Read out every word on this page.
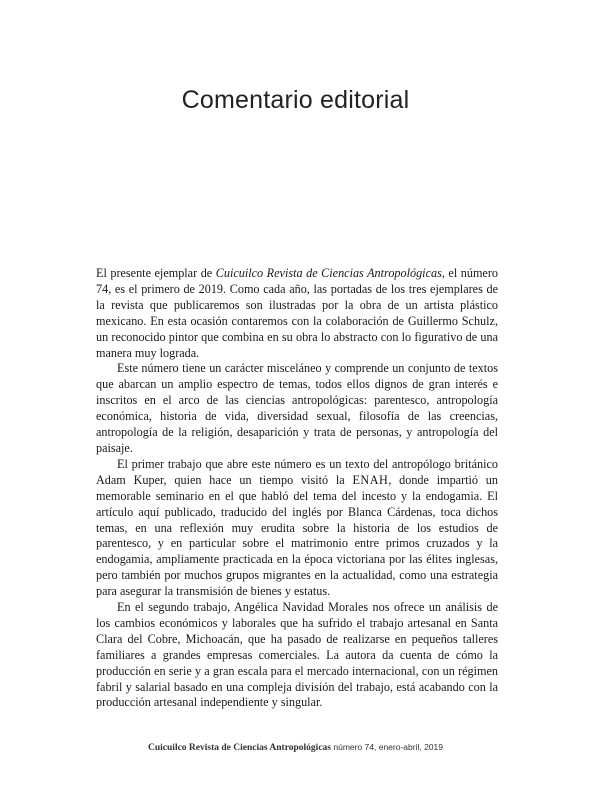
Comentario editorial

El presente ejemplar de Cuicuilco Revista de Ciencias Antropológicas, el número 74, es el primero de 2019. Como cada año, las portadas de los tres ejemplares de la revista que publicaremos son ilustradas por la obra de un artista plástico mexicano. En esta ocasión contaremos con la colaboración de Guillermo Schulz, un reconocido pintor que combina en su obra lo abstracto con lo figurativo de una manera muy lograda.

Este número tiene un carácter misceláneo y comprende un conjunto de textos que abarcan un amplio espectro de temas, todos ellos dignos de gran interés e inscritos en el arco de las ciencias antropológicas: parentesco, antropología económica, historia de vida, diversidad sexual, filosofía de las creencias, antropología de la religión, desaparición y trata de personas, y antropología del paisaje.

El primer trabajo que abre este número es un texto del antropólogo británico Adam Kuper, quien hace un tiempo visitó la ENAH, donde impartió un memorable seminario en el que habló del tema del incesto y la endogamia. El artículo aquí publicado, traducido del inglés por Blanca Cárdenas, toca dichos temas, en una reflexión muy erudita sobre la historia de los estudios de parentesco, y en particular sobre el matrimonio entre primos cruzados y la endogamia, ampliamente practicada en la época victoriana por las élites inglesas, pero también por muchos grupos migrantes en la actualidad, como una estrategia para asegurar la transmisión de bienes y estatus.

En el segundo trabajo, Angélica Navidad Morales nos ofrece un análisis de los cambios económicos y laborales que ha sufrido el trabajo artesanal en Santa Clara del Cobre, Michoacán, que ha pasado de realizarse en pequeños talleres familiares a grandes empresas comerciales. La autora da cuenta de cómo la producción en serie y a gran escala para el mercado internacional, con un régimen fabril y salarial basado en una compleja división del trabajo, está acabando con la producción artesanal independiente y singular.

Cuicuilco Revista de Ciencias Antropológicas número 74, enero-abril, 2019
